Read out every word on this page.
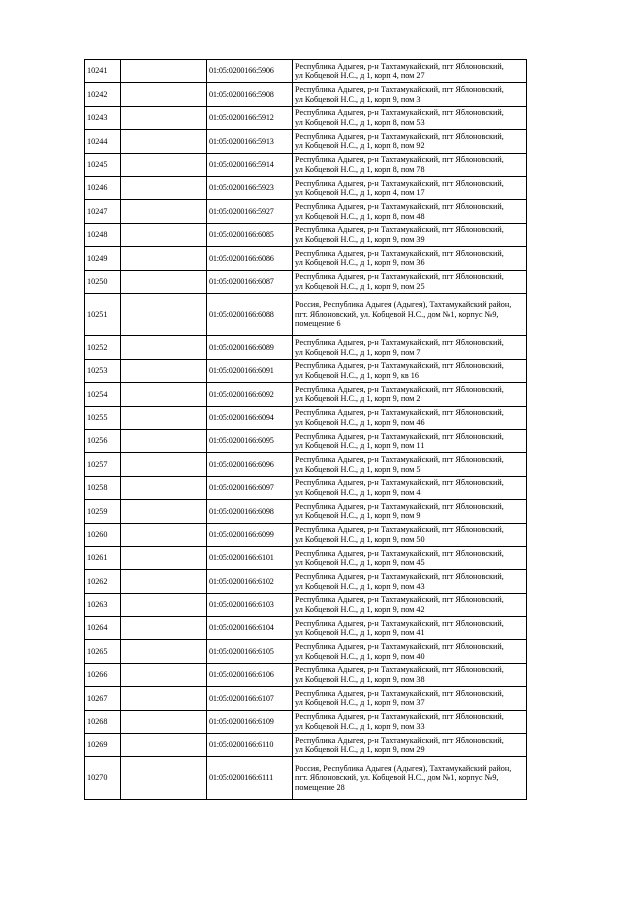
10241		01:05:0200166:5906	Республика Адыгея, р-н Тахтамукайский, пгт Яблоновский,
ул Кобцевой Н.С., д 1, корп 4, пом 27

10242		01:05:0200166:5908	Республика Адыгея, р-н Тахтамукайский, пгт Яблоновский,
ул Кобцевой Н.С., д 1, корп 9, пом 3

10243		01:05:0200166:5912	Республика Адыгея, р-н Тахтамукайский, пгт Яблоновский,
ул Кобцевой Н.С., д 1, корп 8, пом 53

10244		01:05:0200166:5913	Республика Адыгея, р-н Тахтамукайский, пгт Яблоновский,
ул Кобцевой Н.С., д 1, корп 8, пом 92

10245		01:05:0200166:5914	Республика Адыгея, р-н Тахтамукайский, пгт Яблоновский,
ул Кобцевой Н.С., д 1, корп 8, пом 78

10246		01:05:0200166:5923	Республика Адыгея, р-н Тахтамукайский, пгт Яблоновский,
ул Кобцевой Н.С., д 1, корп 4, пом 17

10247		01:05:0200166:5927	Республика Адыгея, р-н Тахтамукайский, пгт Яблоновский,
ул Кобцевой Н.С., д 1, корп 8, пом 48

10248		01:05:0200166:6085	Республика Адыгея, р-н Тахтамукайский, пгт Яблоновский,
ул Кобцевой Н.С., д 1, корп 9, пом 39

10249		01:05:0200166:6086	Республика Адыгея, р-н Тахтамукайский, пгт Яблоновский,
ул Кобцевой Н.С., д 1, корп 9, пом 36

10250		01:05:0200166:6087	Республика Адыгея, р-н Тахтамукайский, пгт Яблоновский,
ул Кобцевой Н.С., д 1, корп 9, пом 25

10251		01:05:0200166:6088	Россия, Республика Адыгея (Адыгея), Тахтамукайский район,
пгт. Яблоновский, ул. Кобцевой Н.С., дом №1, корпус №9,
помещение 6

10252		01:05:0200166:6089	Республика Адыгея, р-н Тахтамукайский, пгт Яблоновский,
ул Кобцевой Н.С., д 1, корп 9, пом 7

10253		01:05:0200166:6091	Республика Адыгея, р-н Тахтамукайский, пгт Яблоновский,
ул Кобцевой Н.С., д 1, корп 9, кв 16

10254		01:05:0200166:6092	Республика Адыгея, р-н Тахтамукайский, пгт Яблоновский,
ул Кобцевой Н.С., д 1, корп 9, пом 2

10255		01:05:0200166:6094	Республика Адыгея, р-н Тахтамукайский, пгт Яблоновский,
ул Кобцевой Н.С., д 1, корп 9, пом 46

10256		01:05:0200166:6095	Республика Адыгея, р-н Тахтамукайский, пгт Яблоновский,
ул Кобцевой Н.С., д 1, корп 9, пом 11

10257		01:05:0200166:6096	Республика Адыгея, р-н Тахтамукайский, пгт Яблоновский,
ул Кобцевой Н.С., д 1, корп 9, пом 5

10258		01:05:0200166:6097	Республика Адыгея, р-н Тахтамукайский, пгт Яблоновский,
ул Кобцевой Н.С., д 1, корп 9, пом 4

10259		01:05:0200166:6098	Республика Адыгея, р-н Тахтамукайский, пгт Яблоновский,
ул Кобцевой Н.С., д 1, корп 9, пом 9

10260		01:05:0200166:6099	Республика Адыгея, р-н Тахтамукайский, пгт Яблоновский,
ул Кобцевой Н.С., д 1, корп 9, пом 50

10261		01:05:0200166:6101	Республика Адыгея, р-н Тахтамукайский, пгт Яблоновский,
ул Кобцевой Н.С., д 1, корп 9, пом 45

10262		01:05:0200166:6102	Республика Адыгея, р-н Тахтамукайский, пгт Яблоновский,
ул Кобцевой Н.С., д 1, корп 9, пом 43

10263		01:05:0200166:6103	Республика Адыгея, р-н Тахтамукайский, пгт Яблоновский,
ул Кобцевой Н.С., д 1, корп 9, пом 42

10264		01:05:0200166:6104	Республика Адыгея, р-н Тахтамукайский, пгт Яблоновский,
ул Кобцевой Н.С., д 1, корп 9, пом 41

10265		01:05:0200166:6105	Республика Адыгея, р-н Тахтамукайский, пгт Яблоновский,
ул Кобцевой Н.С., д 1, корп 9, пом 40

10266		01:05:0200166:6106	Республика Адыгея, р-н Тахтамукайский, пгт Яблоновский,
ул Кобцевой Н.С., д 1, корп 9, пом 38

10267		01:05:0200166:6107	Республика Адыгея, р-н Тахтамукайский, пгт Яблоновский,
ул Кобцевой Н.С., д 1, корп 9, пом 37

10268		01:05:0200166:6109	Республика Адыгея, р-н Тахтамукайский, пгт Яблоновский,
ул Кобцевой Н.С., д 1, корп 9, пом 33

10269		01:05:0200166:6110	Республика Адыгея, р-н Тахтамукайский, пгт Яблоновский,
ул Кобцевой Н.С., д 1, корп 9, пом 29

10270		01:05:0200166:6111	Россия, Республика Адыгея (Адыгея), Тахтамукайский район,
пгт. Яблоновский, ул. Кобцевой Н.С., дом №1, корпус №9,
помещение 28
